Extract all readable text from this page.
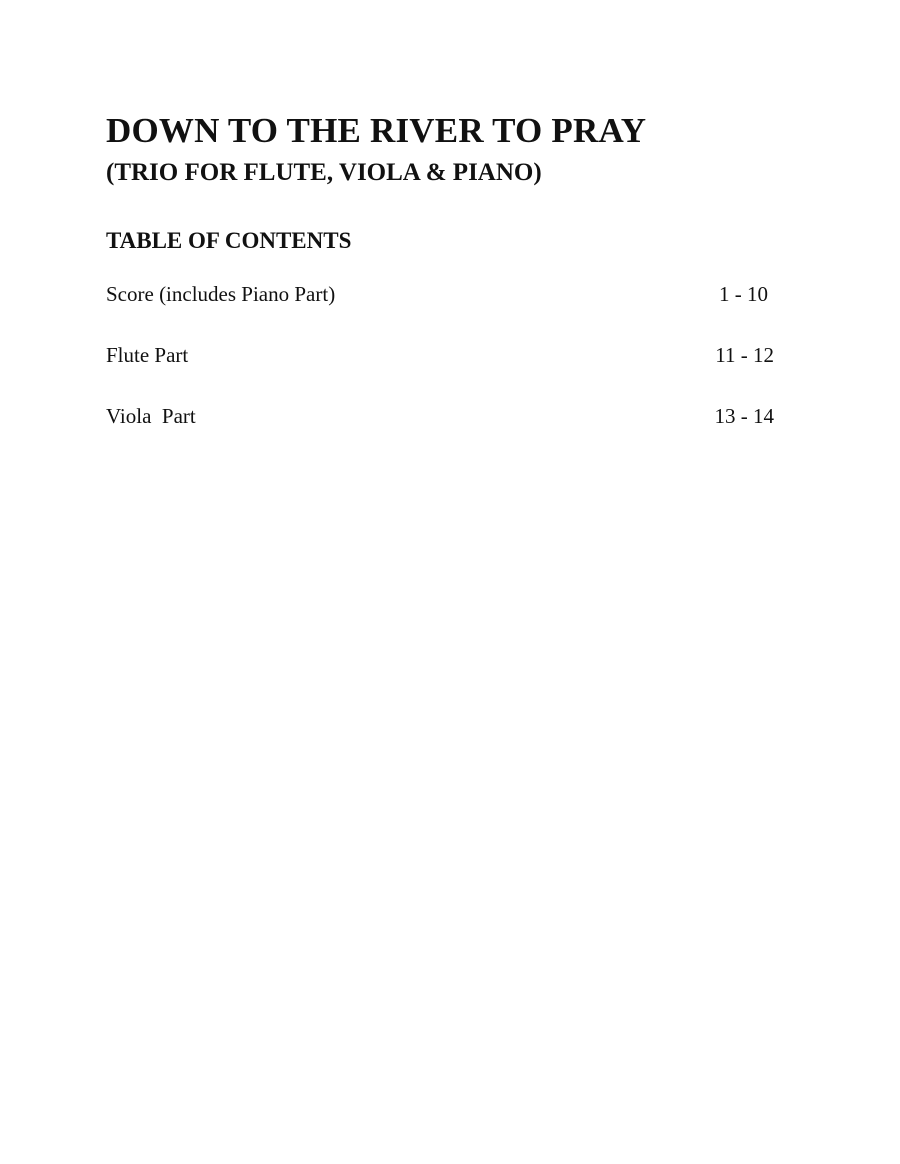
DOWN TO THE RIVER TO PRAY
(TRIO FOR FLUTE, VIOLA & PIANO)
TABLE OF CONTENTS
Score (includes Piano Part)	1 - 10
Flute Part	11 - 12
Viola  Part	13 - 14
